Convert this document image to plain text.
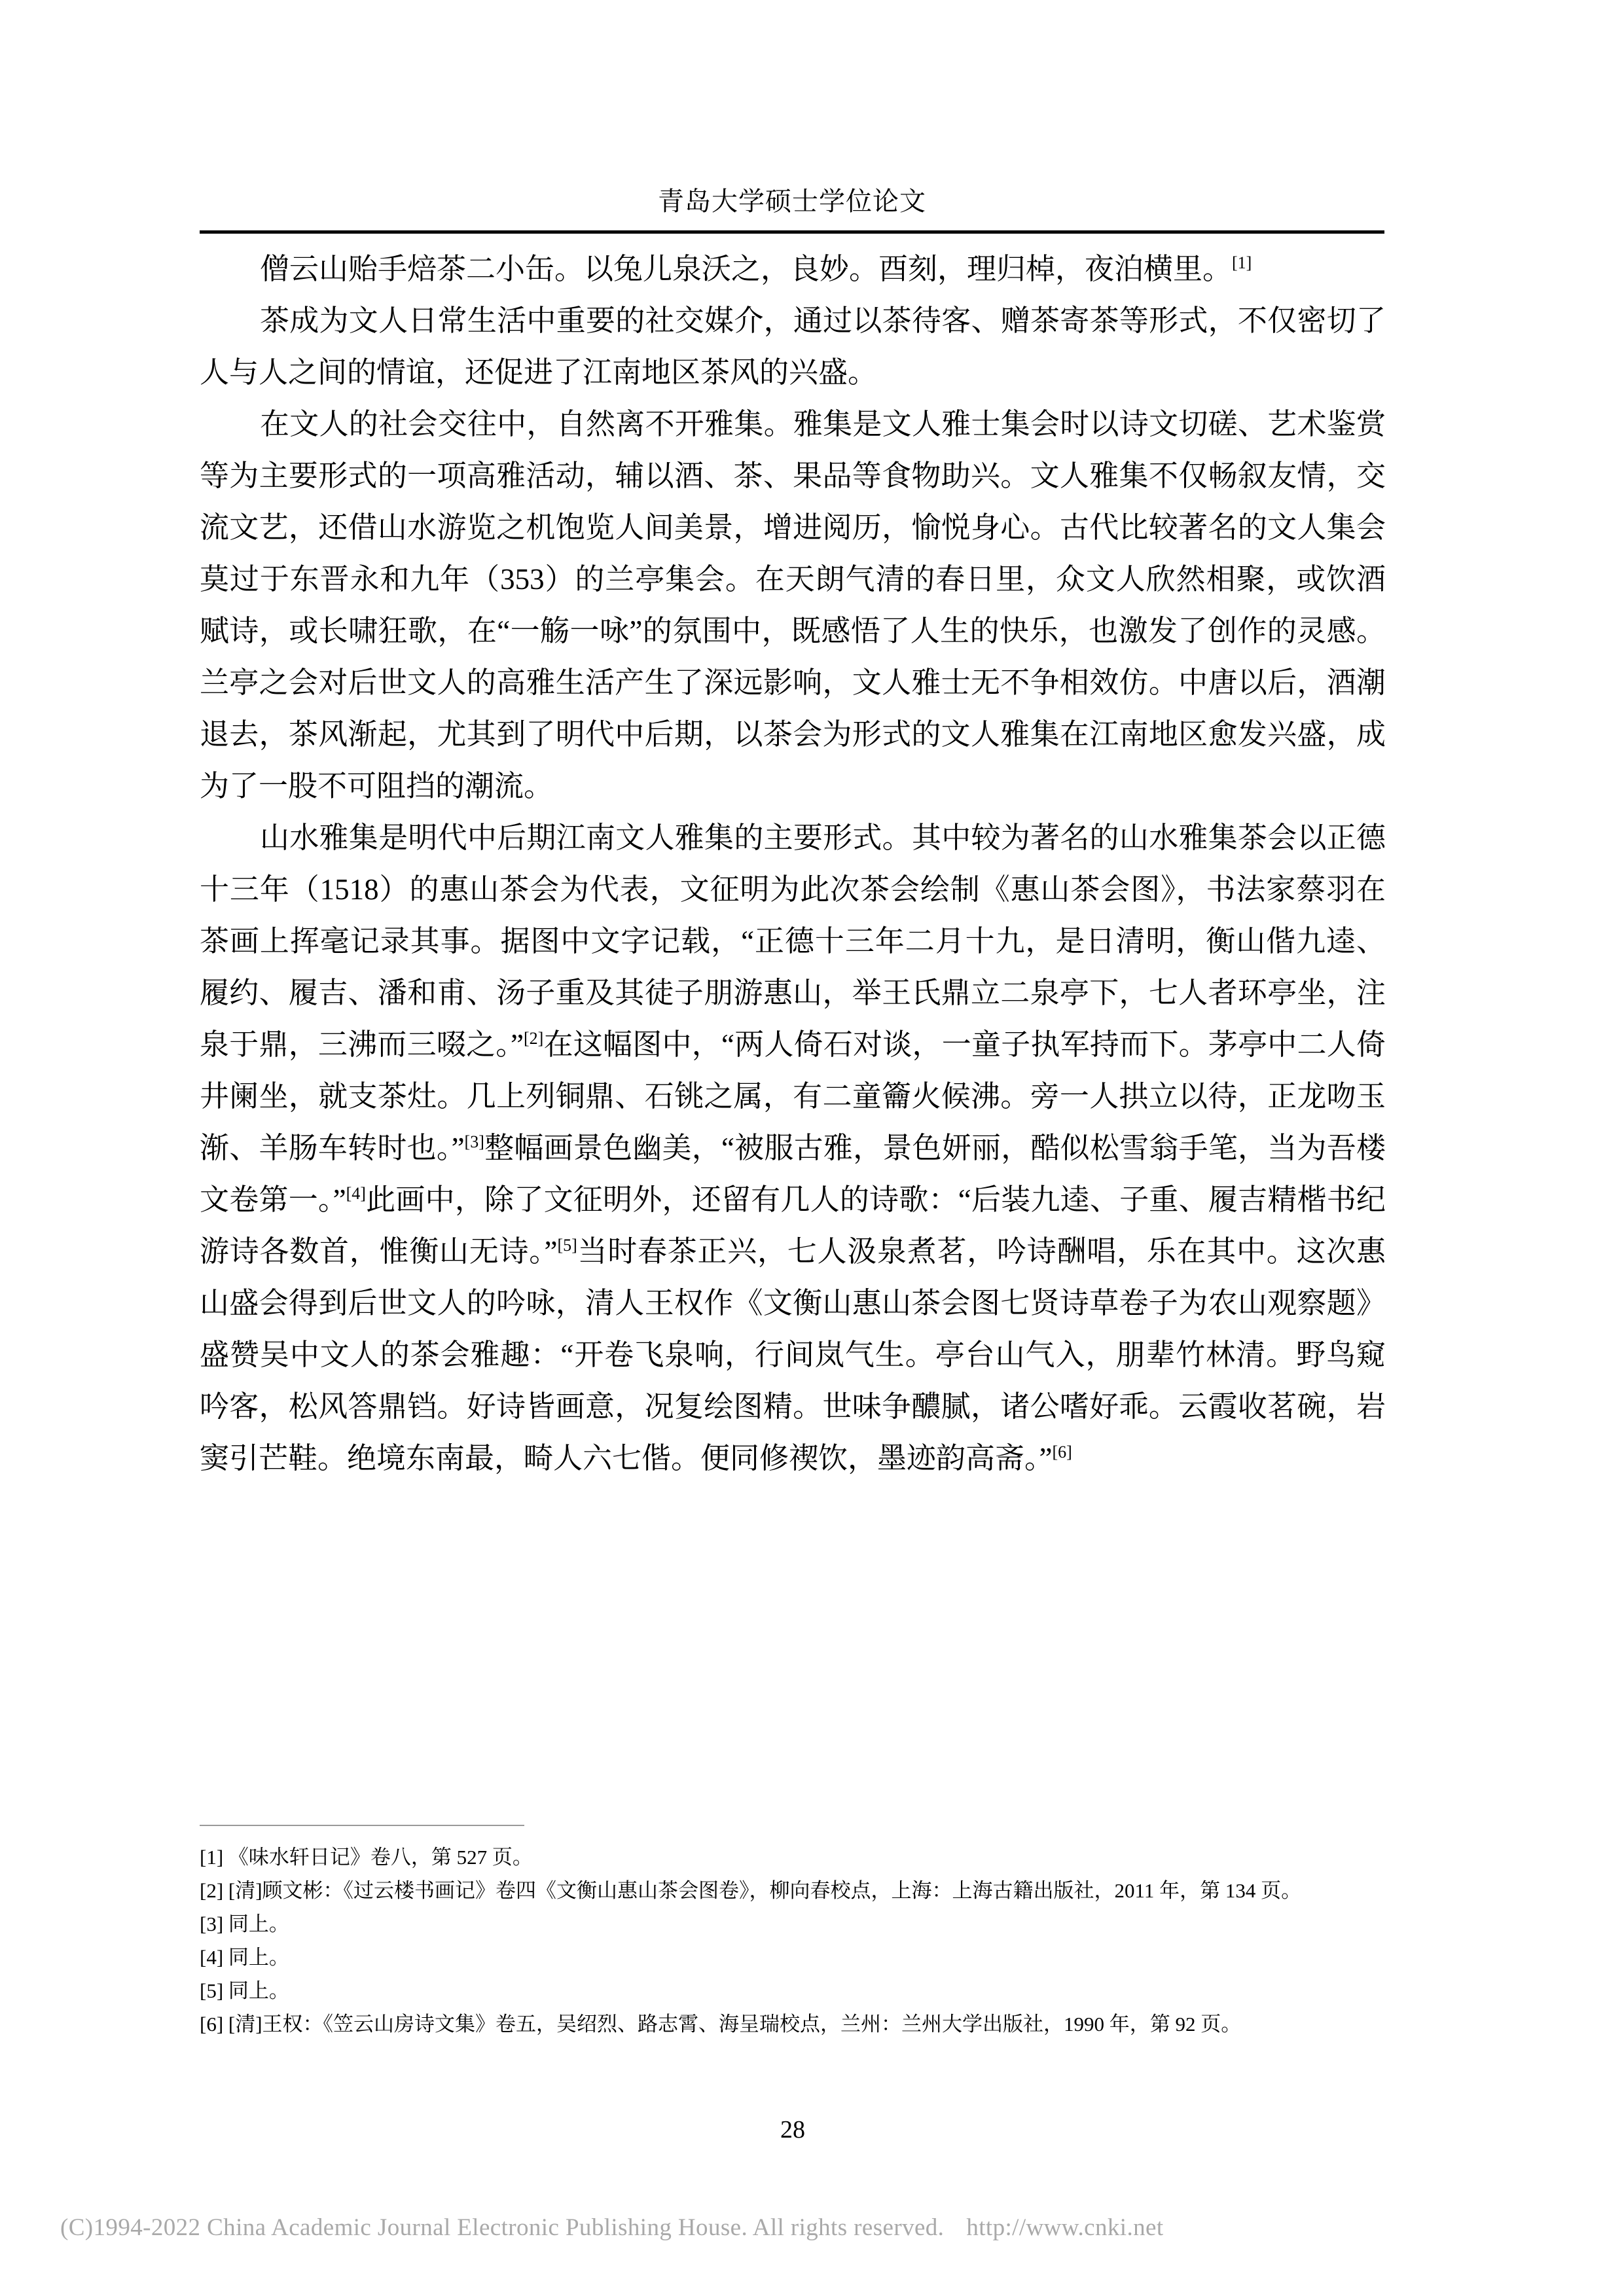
青岛大学硕士学位论文

僧云山贻手焙茶二小缶。以兔儿泉沃之，良妙。酉刻，理归棹，夜泊横里。[1]

茶成为文人日常生活中重要的社交媒介，通过以茶待客、赠茶寄茶等形式，不仅密切了人与人之间的情谊，还促进了江南地区茶风的兴盛。

在文人的社会交往中，自然离不开雅集。雅集是文人雅士集会时以诗文切磋、艺术鉴赏等为主要形式的一项高雅活动，辅以酒、茶、果品等食物助兴。文人雅集不仅畅叙友情，交流文艺，还借山水游览之机饱览人间美景，增进阅历，愉悦身心。古代比较著名的文人集会莫过于东晋永和九年（353）的兰亭集会。在天朗气清的春日里，众文人欣然相聚，或饮酒赋诗，或长啸狂歌，在“一觞一咏”的氛围中，既感悟了人生的快乐，也激发了创作的灵感。兰亭之会对后世文人的高雅生活产生了深远影响，文人雅士无不争相效仿。中唐以后，酒潮退去，茶风渐起，尤其到了明代中后期，以茶会为形式的文人雅集在江南地区愈发兴盛，成为了一股不可阻挡的潮流。

山水雅集是明代中后期江南文人雅集的主要形式。其中较为著名的山水雅集茶会以正德十三年（1518）的惠山茶会为代表，文征明为此次茶会绘制《惠山茶会图》，书法家蔡羽在茶画上挥毫记录其事。据图中文字记载，“正德十三年二月十九，是日清明，衡山偕九逵、履约、履吉、潘和甫、汤子重及其徒子朋游惠山，举王氏鼎立二泉亭下，七人者环亭坐，注泉于鼎，三沸而三啜之。”[2]在这幅图中，“两人倚石对谈，一童子执军持而下。茅亭中二人倚井阑坐，就支茶灶。几上列铜鼎、石铫之属，有二童籥火候沸。旁一人拱立以待，正龙吻玉渐、羊肠车转时也。”[3]整幅画景色幽美，“被服古雅，景色妍丽，酷似松雪翁手笔，当为吾楼文卷第一。”[4]此画中，除了文征明外，还留有几人的诗歌：“后装九逵、子重、履吉精楷书纪游诗各数首，惟衡山无诗。”[5]当时春茶正兴，七人汲泉煮茗，吟诗酬唱，乐在其中。这次惠山盛会得到后世文人的吟咏，清人王权作《文衡山惠山茶会图七贤诗草卷子为农山观察题》盛赞吴中文人的茶会雅趣：“开卷飞泉响，行间岚气生。亭台山气入，朋辈竹林清。野鸟窥吟客，松风答鼎铛。好诗皆画意，况复绘图精。世味争醲腻，诸公嗜好乖。云霞收茗碗，岩窦引芒鞋。绝境东南最，畸人六七偕。便同修禊饮，墨迹韵高斋。”[6]

[1] 《味水轩日记》卷八，第 527 页。

[2] [清]顾文彬：《过云楼书画记》卷四《文衡山惠山茶会图卷》，柳向春校点，上海：上海古籍出版社，2011 年，第 134 页。

[3] 同上。

[4] 同上。

[5] 同上。

[6] [清]王权：《笠云山房诗文集》卷五，吴绍烈、路志霄、海呈瑞校点，兰州：兰州大学出版社，1990 年，第 92 页。

28
(C)1994-2022 China Academic Journal Electronic Publishing House. All rights reserved. http://www.cnki.net
